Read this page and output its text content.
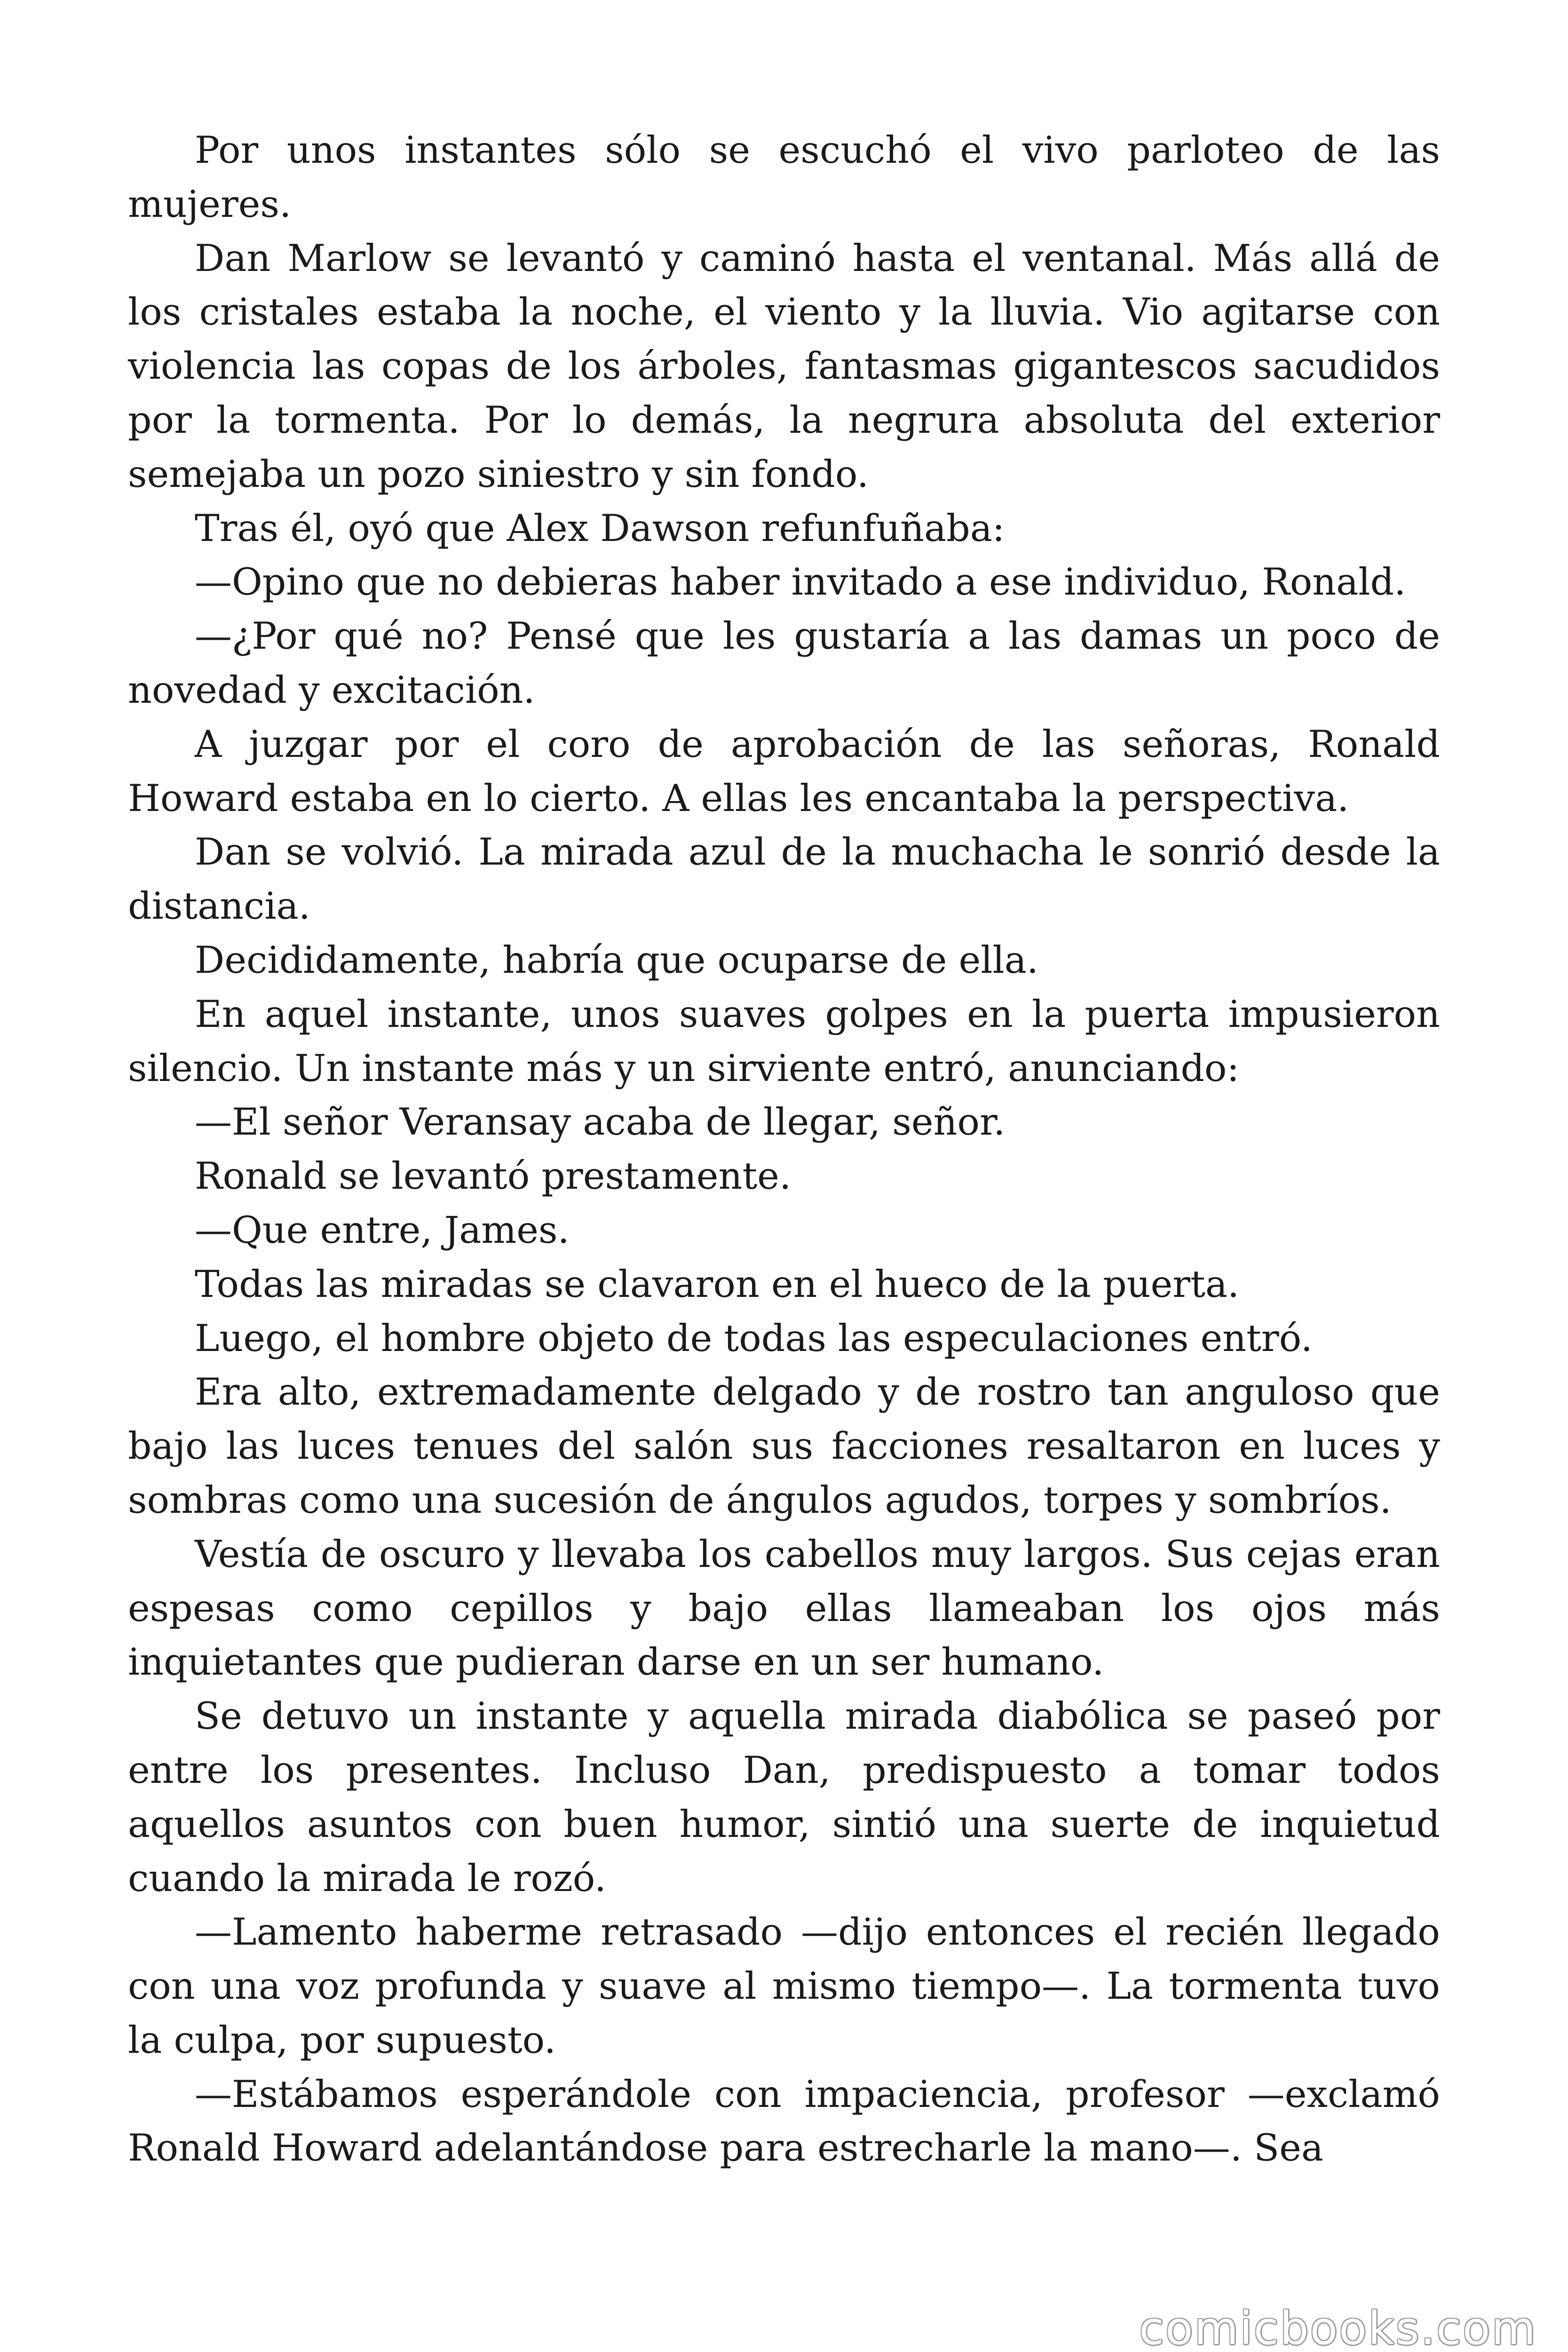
Por unos instantes sólo se escuchó el vivo parloteo de las mujeres.

Dan Marlow se levantó y caminó hasta el ventanal. Más allá de los cristales estaba la noche, el viento y la lluvia. Vio agitarse con violencia las copas de los árboles, fantasmas gigantescos sacudidos por la tormenta. Por lo demás, la negrura absoluta del exterior semejaba un pozo siniestro y sin fondo.

Tras él, oyó que Alex Dawson refunfuñaba:

—Opino que no debieras haber invitado a ese individuo, Ronald.

—¿Por qué no? Pensé que les gustaría a las damas un poco de novedad y excitación.

A juzgar por el coro de aprobación de las señoras, Ronald Howard estaba en lo cierto. A ellas les encantaba la perspectiva.

Dan se volvió. La mirada azul de la muchacha le sonrió desde la distancia.

Decididamente, habría que ocuparse de ella.

En aquel instante, unos suaves golpes en la puerta impusieron silencio. Un instante más y un sirviente entró, anunciando:

—El señor Veransay acaba de llegar, señor.

Ronald se levantó prestamente.

—Que entre, James.

Todas las miradas se clavaron en el hueco de la puerta.

Luego, el hombre objeto de todas las especulaciones entró.

Era alto, extremadamente delgado y de rostro tan anguloso que bajo las luces tenues del salón sus facciones resaltaron en luces y sombras como una sucesión de ángulos agudos, torpes y sombríos.

Vestía de oscuro y llevaba los cabellos muy largos. Sus cejas eran espesas como cepillos y bajo ellas llameaban los ojos más inquietantes que pudieran darse en un ser humano.

Se detuvo un instante y aquella mirada diabólica se paseó por entre los presentes. Incluso Dan, predispuesto a tomar todos aquellos asuntos con buen humor, sintió una suerte de inquietud cuando la mirada le rozó.

—Lamento haberme retrasado —dijo entonces el recién llegado con una voz profunda y suave al mismo tiempo—. La tormenta tuvo la culpa, por supuesto.

—Estábamos esperándole con impaciencia, profesor —exclamó Ronald Howard adelantándose para estrecharle la mano—. Sea

comicbooks.com
